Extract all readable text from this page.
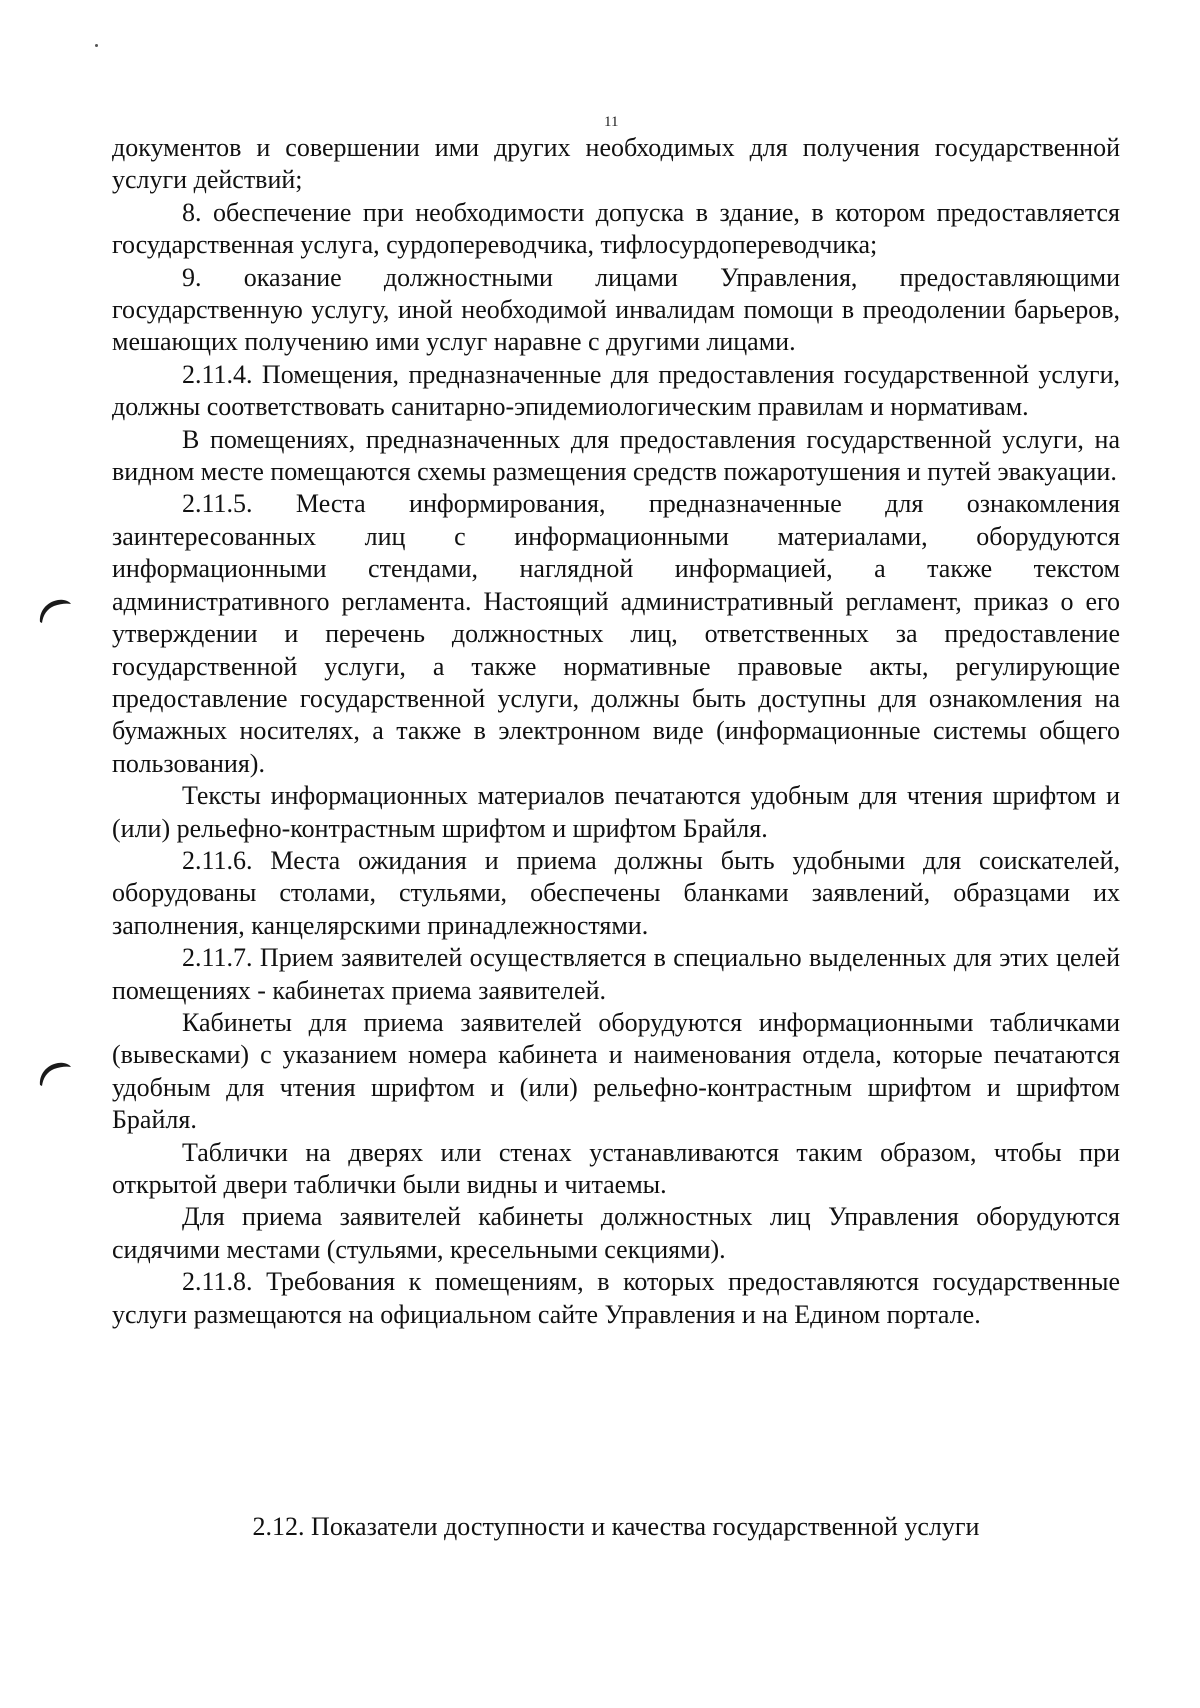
11

документов и совершении ими других необходимых для получения государственной услуги действий;

8. обеспечение при необходимости допуска в здание, в котором предоставляется государственная услуга, сурдопереводчика, тифлосурдопереводчика;

9. оказание должностными лицами Управления, предоставляющими государственную услугу, иной необходимой инвалидам помощи в преодолении барьеров, мешающих получению ими услуг наравне с другими лицами.

2.11.4. Помещения, предназначенные для предоставления государственной услуги, должны соответствовать санитарно-эпидемиологическим правилам и нормативам.

В помещениях, предназначенных для предоставления государственной услуги, на видном месте помещаются схемы размещения средств пожаротушения и путей эвакуации.

2.11.5. Места информирования, предназначенные для ознакомления заинтересованных лиц с информационными материалами, оборудуются информационными стендами, наглядной информацией, а также текстом административного регламента. Настоящий административный регламент, приказ о его утверждении и перечень должностных лиц, ответственных за предоставление государственной услуги, а также нормативные правовые акты, регулирующие предоставление государственной услуги, должны быть доступны для ознакомления на бумажных носителях, а также в электронном виде (информационные системы общего пользования).

Тексты информационных материалов печатаются удобным для чтения шрифтом и (или) рельефно-контрастным шрифтом и шрифтом Брайля.

2.11.6. Места ожидания и приема должны быть удобными для соискателей, оборудованы столами, стульями, обеспечены бланками заявлений, образцами их заполнения, канцелярскими принадлежностями.

2.11.7. Прием заявителей осуществляется в специально выделенных для этих целей помещениях - кабинетах приема заявителей.

Кабинеты для приема заявителей оборудуются информационными табличками (вывесками) с указанием номера кабинета и наименования отдела, которые печатаются удобным для чтения шрифтом и (или) рельефно-контрастным шрифтом и шрифтом Брайля.

Таблички на дверях или стенах устанавливаются таким образом, чтобы при открытой двери таблички были видны и читаемы.

Для приема заявителей кабинеты должностных лиц Управления оборудуются сидячими местами (стульями, кресельными секциями).

2.11.8. Требования к помещениям, в которых предоставляются государственные услуги размещаются на официальном сайте Управления и на Едином портале.

2.12. Показатели доступности и качества государственной услуги
